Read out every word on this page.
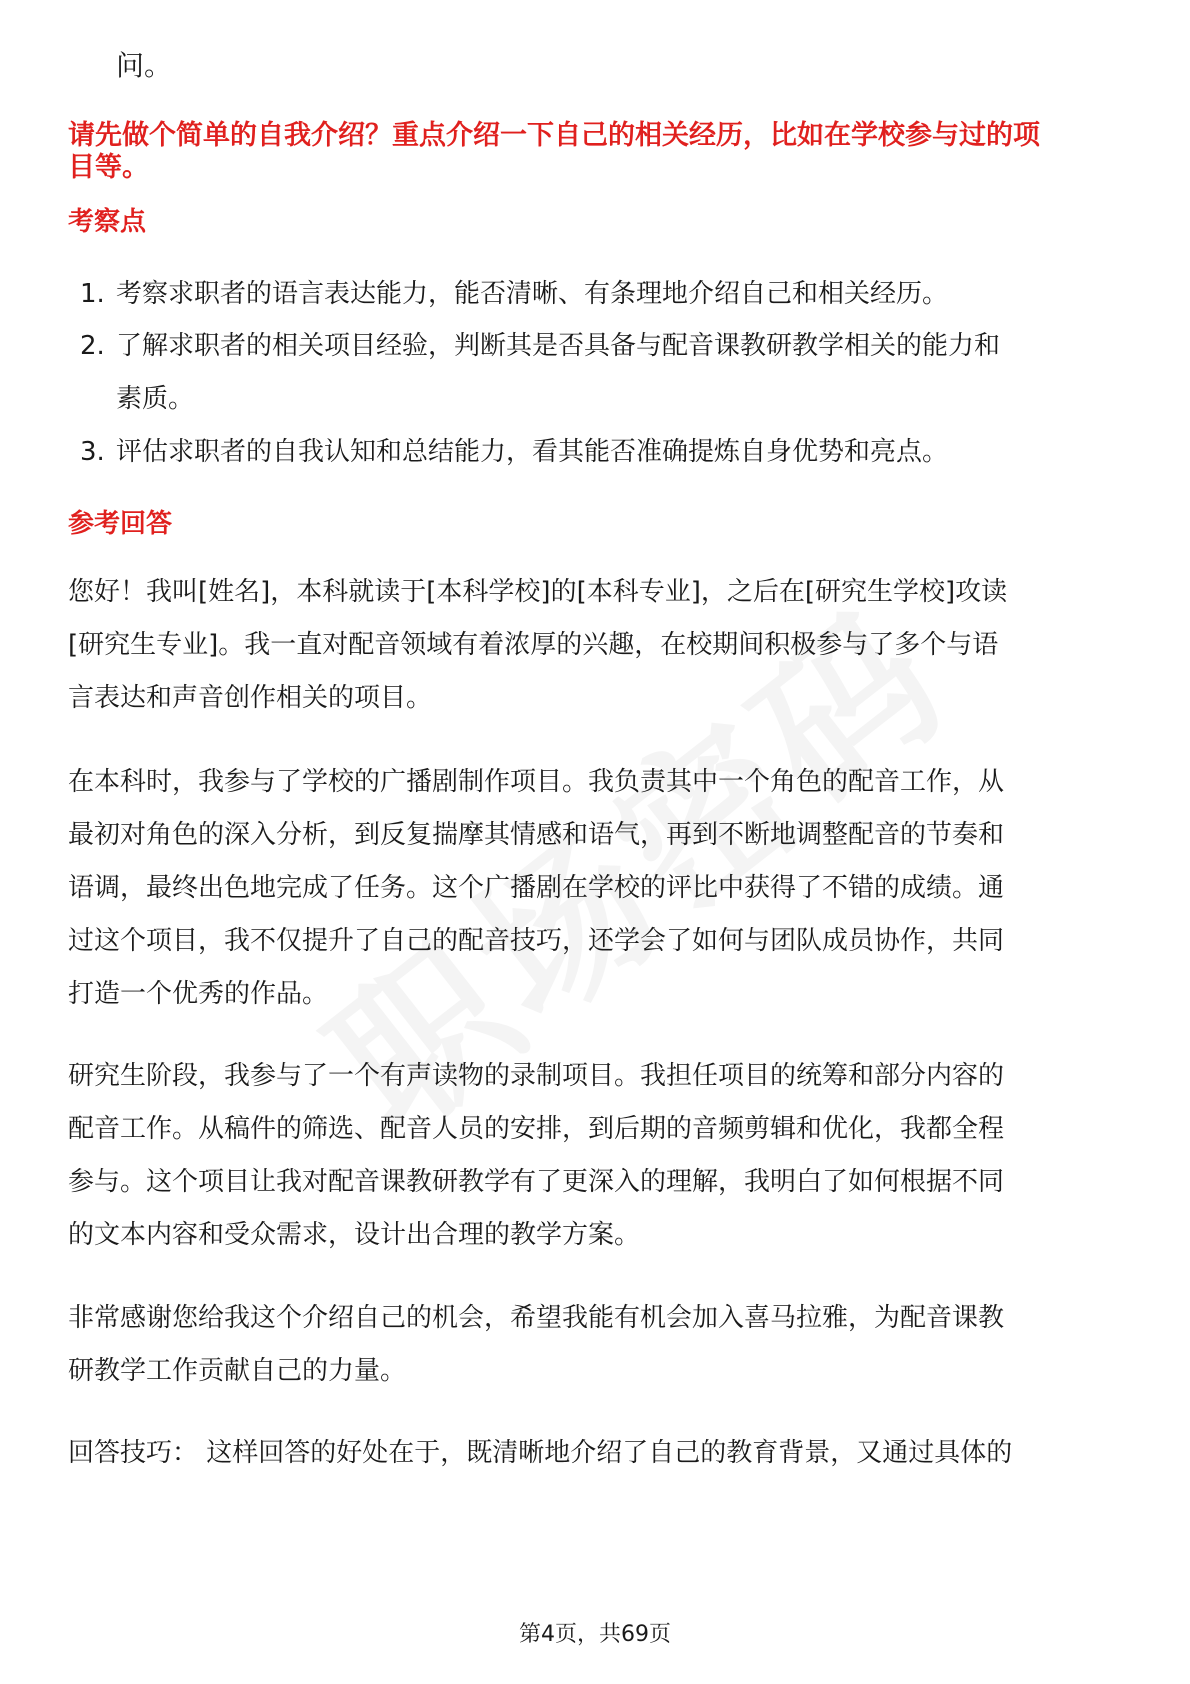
问。
请先做个简单的自我介绍？重点介绍一下自己的相关经历，比如在学校参与过的项
目等。
考察点
1. 考察求职者的语言表达能力，能否清晰、有条理地介绍自己和相关经历。
2. 了解求职者的相关项目经验，判断其是否具备与配音课教研教学相关的能力和
素质。
3. 评估求职者的自我认知和总结能力，看其能否准确提炼自身优势和亮点。
参考回答
您好！我叫[姓名]，本科就读于[本科学校]的[本科专业]，之后在[研究生学校]攻读
[研究生专业]。我一直对配音领域有着浓厚的兴趣，在校期间积极参与了多个与语
言表达和声音创作相关的项目。
在本科时，我参与了学校的广播剧制作项目。我负责其中一个角色的配音工作，从
最初对角色的深入分析，到反复揣摩其情感和语气，再到不断地调整配音的节奏和
语调，最终出色地完成了任务。这个广播剧在学校的评比中获得了不错的成绩。通
过这个项目，我不仅提升了自己的配音技巧，还学会了如何与团队成员协作，共同
打造一个优秀的作品。
研究生阶段，我参与了一个有声读物的录制项目。我担任项目的统筹和部分内容的
配音工作。从稿件的筛选、配音人员的安排，到后期的音频剪辑和优化，我都全程
参与。这个项目让我对配音课教研教学有了更深入的理解，我明白了如何根据不同
的文本内容和受众需求，设计出合理的教学方案。
非常感谢您给我这个介绍自己的机会，希望我能有机会加入喜马拉雅，为配音课教
研教学工作贡献自己的力量。
回答技巧： 这样回答的好处在于，既清晰地介绍了自己的教育背景，又通过具体的
第4页，共69页
